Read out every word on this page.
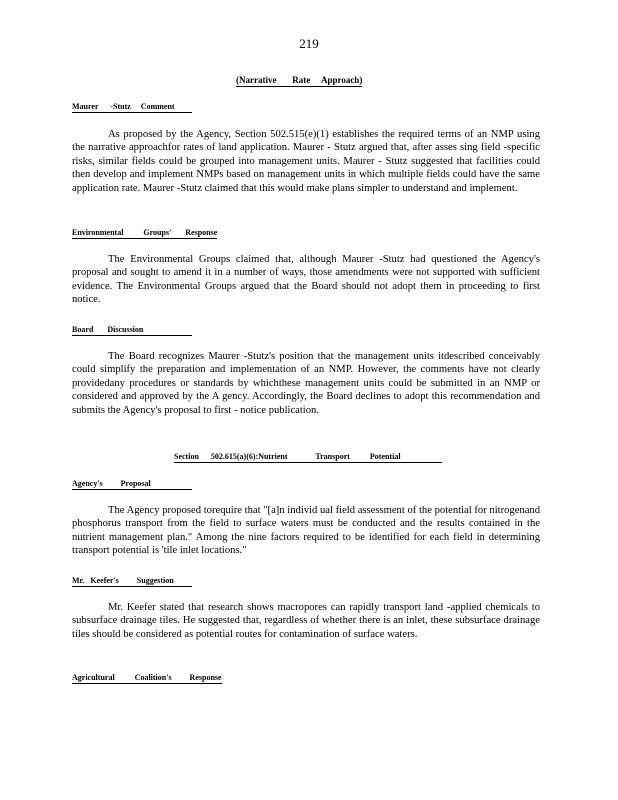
219
(Narrative       Rate     Approach)
Maurer      -Stutz     Comment

As proposed by the Agency, Section 502.515(e)(1) establishes the required terms of an NMP using the narrative approachfor rates of land application. Maurer - Stutz argued that, after asses sing field -specific risks, similar fields could be grouped into management units. Maurer - Stutz suggested that facilities could then develop and implement NMPs based on management units in which multiple fields could have the same application rate. Maurer -Stutz claimed that this would make plans simpler to understand and implement.

Environmental          Groups'       Response

The Environmental Groups claimed that, although Maurer -Stutz had questioned the Agency's proposal and sought to amend it in a number of ways, those amendments were not supported with sufficient evidence. The Environmental Groups argued that the Board should not adopt them in proceeding to first notice.

Board       Discussion

The Board recognizes Maurer -Stutz's position that the management units itdescribed conceivably could simplify the preparation and implementation of an NMP. However, the comments have not clearly providedany procedures or standards by whichthese management units could be submitted in an NMP or considered and approved by the A gency. Accordingly, the Board declines to adopt this recommendation and submits the Agency's proposal to first - notice publication.

Section      502.615(a)(6):Nutrient              Transport          Potential
Agency's         Proposal

The Agency proposed torequire that "[a]n individ ual field assessment of the potential for nitrogenand phosphorus transport from the field to surface waters must be conducted and the results contained in the nutrient management plan." Among the nine factors required to be identified for each field in determining transport potential is 'tile inlet locations."

Mr.   Keefer's         Suggestion

Mr. Keefer stated that research shows macropores can rapidly transport land -applied chemicals to subsurface drainage tiles. He suggested that, regardless of whether there is an inlet, these subsurface drainage tiles should be considered as potential routes for contamination of surface waters.

Agricultural          Coalition's         Response
